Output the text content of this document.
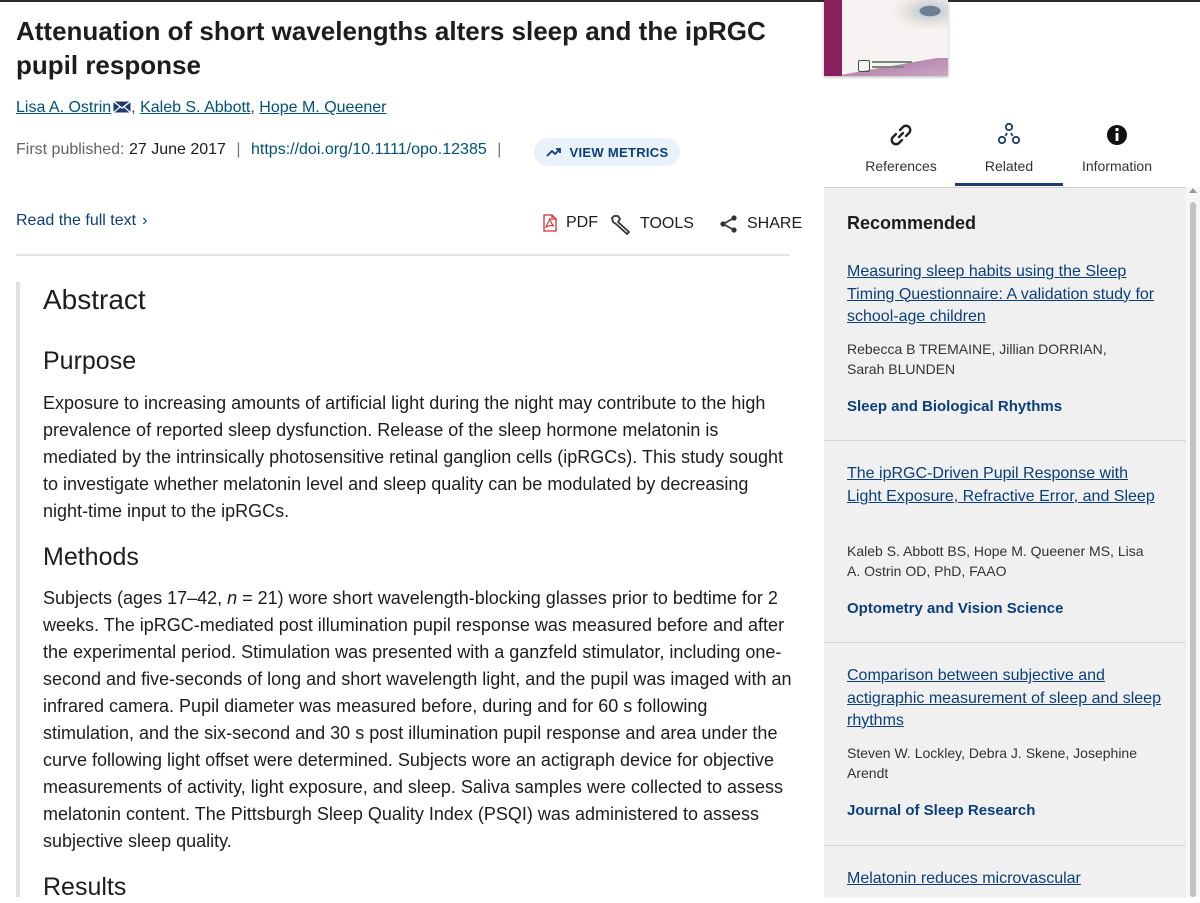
Attenuation of short wavelengths alters sleep and the ipRGC pupil response
Lisa A. Ostrin , Kaleb S. Abbott, Hope M. Queener
First published: 27 June 2017 | https://doi.org/10.1111/opo.12385 |	VIEW METRICS
Read the full text ›	PDF	TOOLS	SHARE
Abstract
Purpose

Exposure to increasing amounts of artificial light during the night may contribute to the high prevalence of reported sleep dysfunction. Release of the sleep hormone melatonin is mediated by the intrinsically photosensitive retinal ganglion cells (ipRGCs). This study sought to investigate whether melatonin level and sleep quality can be modulated by decreasing night-time input to the ipRGCs.

Methods

Subjects (ages 17–42, n = 21) wore short wavelength-blocking glasses prior to bedtime for 2 weeks. The ipRGC-mediated post illumination pupil response was measured before and after the experimental period. Stimulation was presented with a ganzfeld stimulator, including one-second and five-seconds of long and short wavelength light, and the pupil was imaged with an infrared camera. Pupil diameter was measured before, during and for 60 s following stimulation, and the six-second and 30 s post illumination pupil response and area under the curve following light offset were determined. Subjects wore an actigraph device for objective measurements of activity, light exposure, and sleep. Saliva samples were collected to assess melatonin content. The Pittsburgh Sleep Quality Index (PSQI) was administered to assess subjective sleep quality.

Results
References	Related	Information
Recommended

Measuring sleep habits using the Sleep Timing Questionnaire: A validation study for school-age children

Rebecca B TREMAINE, Jillian DORRIAN, Sarah BLUNDEN

Sleep and Biological Rhythms

The ipRGC-Driven Pupil Response with Light Exposure, Refractive Error, and Sleep

Kaleb S. Abbott BS, Hope M. Queener MS, Lisa A. Ostrin OD, PhD, FAAO

Optometry and Vision Science

Comparison between subjective and actigraphic measurement of sleep and sleep rhythms

Steven W. Lockley, Debra J. Skene, Josephine Arendt

Journal of Sleep Research

Melatonin reduces microvascular
